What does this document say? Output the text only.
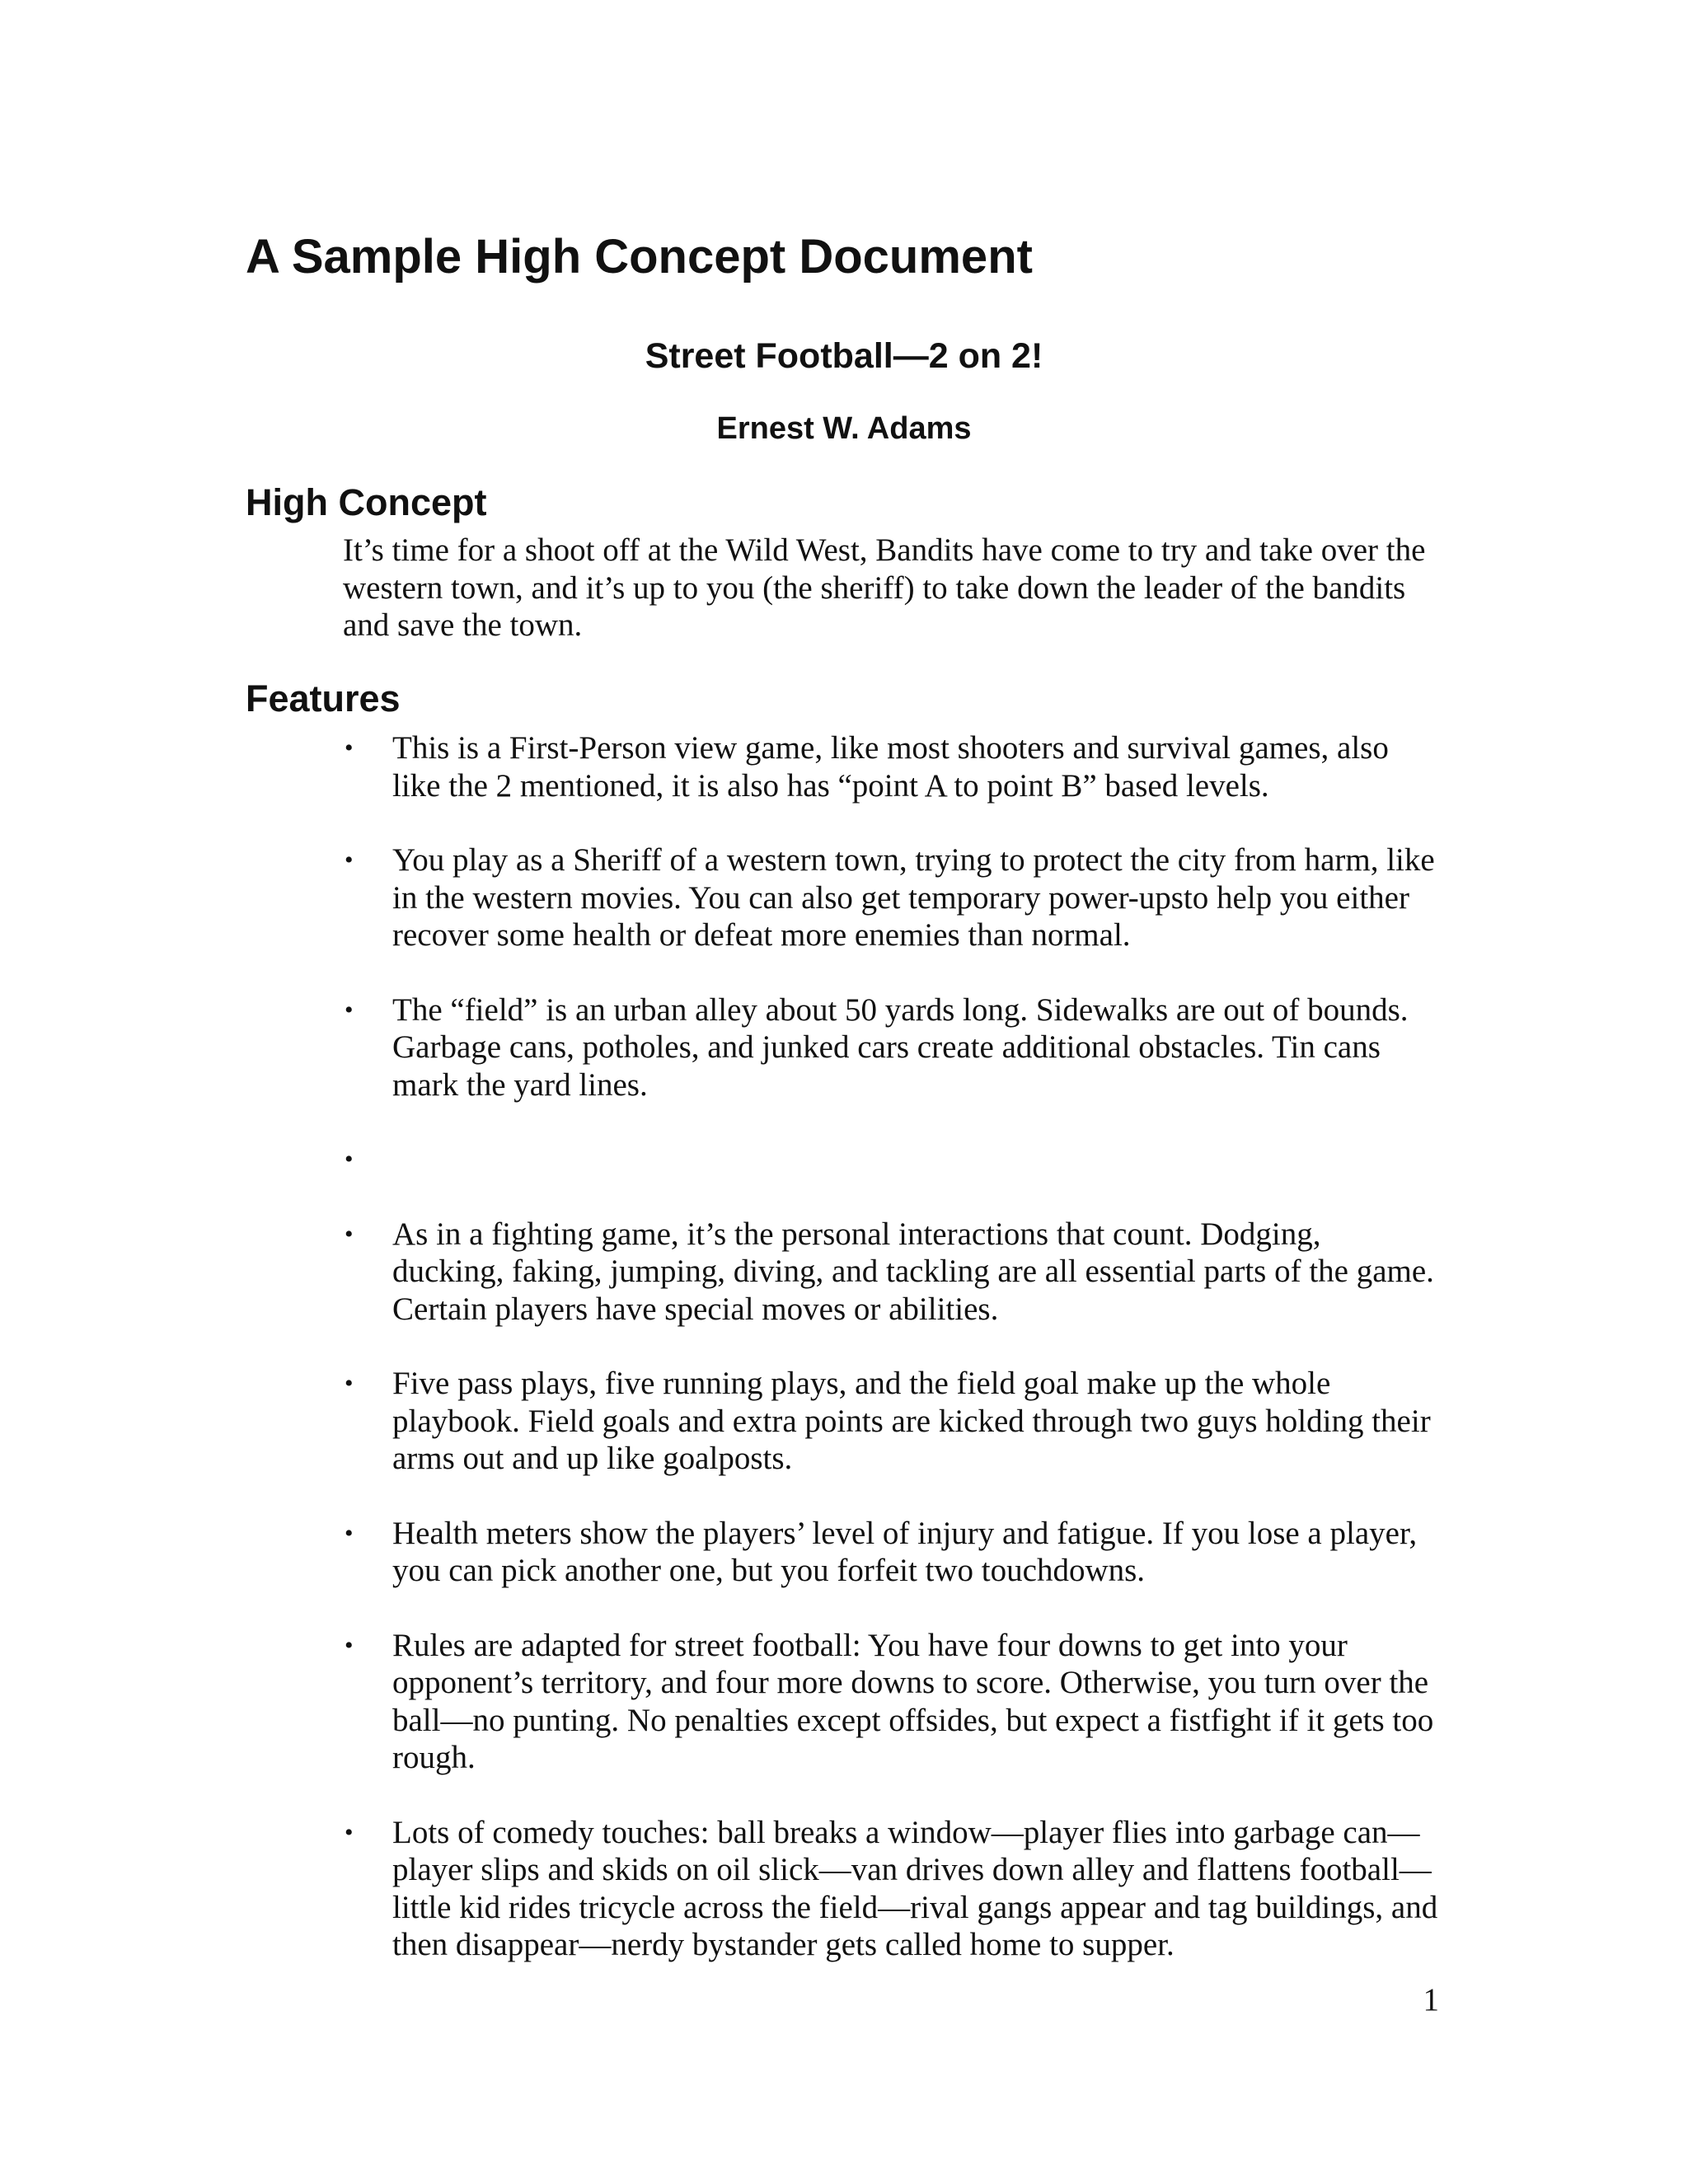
A Sample High Concept Document
Street Football—2 on 2!

Ernest W. Adams

High Concept

It’s time for a shoot off at the Wild West, Bandits have come to try and take over the western town, and it’s up to you (the sheriff) to take down the leader of the bandits and save the town.

Features
• This is a First-Person view game, like most shooters and survival games, also like the 2 mentioned, it is also has “point A to point B” based levels.
• You play as a Sheriff of a western town, trying to protect the city from harm, like in the western movies. You can also get temporary power-upsto help you either recover some health or defeat more enemies than normal.
• The “field” is an urban alley about 50 yards long. Sidewalks are out of bounds. Garbage cans, potholes, and junked cars create additional obstacles. Tin cans mark the yard lines.
•
• As in a fighting game, it’s the personal interactions that count. Dodging, ducking, faking, jumping, diving, and tackling are all essential parts of the game. Certain players have special moves or abilities.
• Five pass plays, five running plays, and the field goal make up the whole playbook. Field goals and extra points are kicked through two guys holding their arms out and up like goalposts.
• Health meters show the players’ level of injury and fatigue. If you lose a player, you can pick another one, but you forfeit two touchdowns.
• Rules are adapted for street football: You have four downs to get into your opponent’s territory, and four more downs to score. Otherwise, you turn over the ball—no punting. No penalties except offsides, but expect a fistfight if it gets too rough.
• Lots of comedy touches: ball breaks a window—player flies into garbage can—player slips and skids on oil slick—van drives down alley and flattens football—little kid rides tricycle across the field—rival gangs appear and tag buildings, and then disappear—nerdy bystander gets called home to supper.

1
